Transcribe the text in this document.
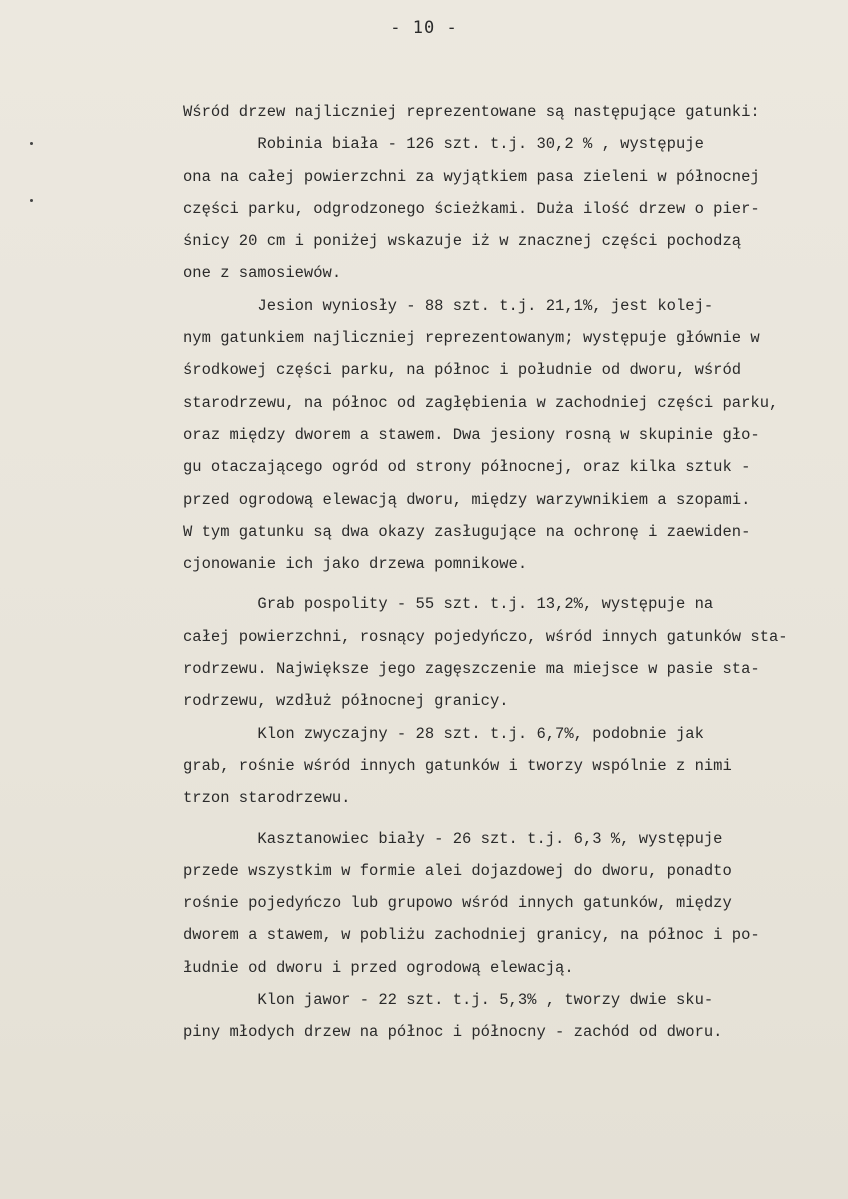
- 10 -
Wśród drzew najliczniej reprezentowane są następujące gatunki:
Robinia biała - 126 szt. t.j. 30,2 % , występuje
ona na całej powierzchni za wyjątkiem pasa zieleni w północnej
części parku, odgrodzonego ścieżkami. Duża ilość drzew o pier-
śnicy 20 cm i poniżej wskazuje iż w znacznej części pochodzą
one z samosiewów.
Jesion wyniosły - 88 szt. t.j. 21,1%, jest kolej-
nym gatunkiem najliczniej reprezentowanym; występuje głównie w
środkowej części parku, na północ i południe od dworu, wśród
starodrzewu, na północ od zagłębienia w zachodniej części parku,
oraz między dworem a stawem. Dwa jesiony rosną w skupinie gło-
gu otaczającego ogród od strony północnej, oraz kilka sztuk -
przed ogrodową elewacją dworu, między warzywnikiem a szopami.
W tym gatunku są dwa okazy zasługujące na ochronę i zaewiden-
cjonowanie ich jako drzewa pomnikowe.
Grab pospolity - 55 szt. t.j. 13,2%, występuje na
całej powierzchni, rosnący pojedyńczo, wśród innych gatunków sta-
rodrzewu. Największe jego zagęszczenie ma miejsce w pasie sta-
rodrzewu, wzdłuż północnej granicy.
Klon zwyczajny - 28 szt. t.j. 6,7%, podobnie jak
grab, rośnie wśród innych gatunków i tworzy wspólnie z nimi
trzon starodrzewu.
Kasztanowiec biały - 26 szt. t.j. 6,3 %, występuje
przede wszystkim w formie alei dojazdowej do dworu, ponadto
rośnie pojedyńczo lub grupowo wśród innych gatunków, między
dworem a stawem, w pobliżu zachodniej granicy, na północ i po-
łudnie od dworu i przed ogrodową elewacją.
Klon jawor - 22 szt. t.j. 5,3% , tworzy dwie sku-
piny młodych drzew na północ i północny - zachód od dworu.
